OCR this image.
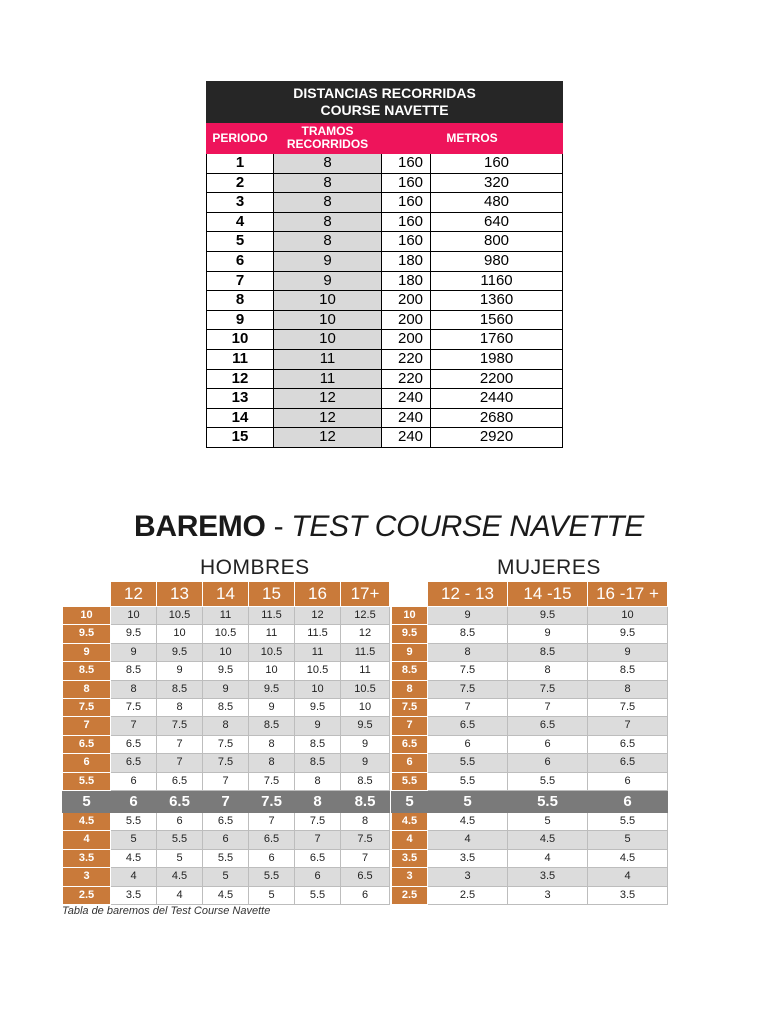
DISTANCIAS RECORRIDAS
COURSE NAVETTE			

PERIODO	TRAMOS RECORRIDOS	METROS	
1	8	160	160
2	8	160	320
3	8	160	480
4	8	160	640
5	8	160	800
6	9	180	980
7	9	180	1160
8	10	200	1360
9	10	200	1560
10	10	200	1760
11	11	220	1980
12	11	220	2200
13	12	240	2440
14	12	240	2680
15	12	240	2920
BAREMO - TEST COURSE NAVETTE
HOMBRES	MUJERES
	12	13	14	15	16	17+
10	10	10.5	11	11.5	12	12.5
9.5	9.5	10	10.5	11	11.5	12
9	9	9.5	10	10.5	11	11.5
8.5	8.5	9	9.5	10	10.5	11
8	8	8.5	9	9.5	10	10.5
7.5	7.5	8	8.5	9	9.5	10
7	7	7.5	8	8.5	9	9.5
6.5	6.5	7	7.5	8	8.5	9
6	6.5	7	7.5	8	8.5	9
5.5	6	6.5	7	7.5	8	8.5
5	6	6.5	7	7.5	8	8.5
4.5	5.5	6	6.5	7	7.5	8
4	5	5.5	6	6.5	7	7.5
3.5	4.5	5	5.5	6	6.5	7
3	4	4.5	5	5.5	6	6.5
2.5	3.5	4	4.5	5	5.5	6
	12 - 13	14 -15	16 -17 +
10	9	9.5	10
9.5	8.5	9	9.5
9	8	8.5	9
8.5	7.5	8	8.5
8	7.5	7.5	8
7.5	7	7	7.5
7	6.5	6.5	7
6.5	6	6	6.5
6	5.5	6	6.5
5.5	5.5	5.5	6
5	5	5.5	6
4.5	4.5	5	5.5
4	4	4.5	5
3.5	3.5	4	4.5
3	3	3.5	4
2.5	2.5	3	3.5
Tabla de baremos del Test Course Navette
